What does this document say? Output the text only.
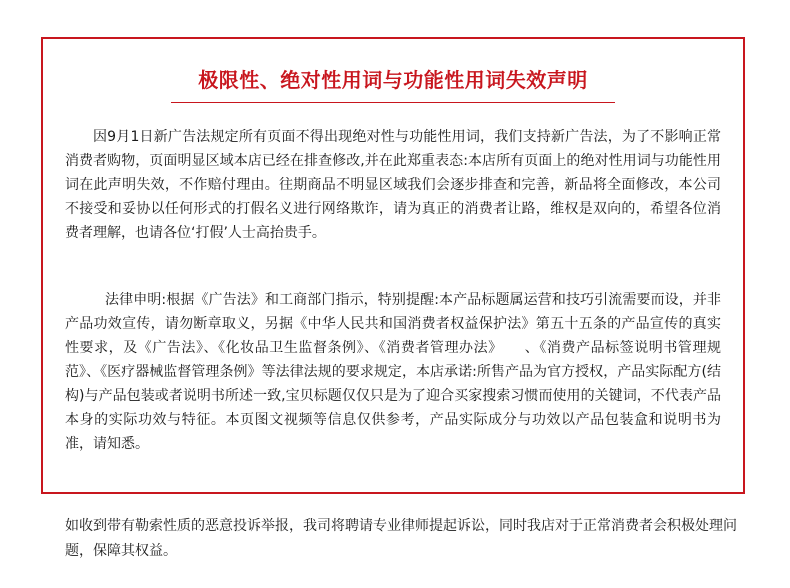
极限性、绝对性用词与功能性用词失效声明

因9月1日新广告法规定所有页面不得出现绝对性与功能性用词，我们支持新广告法，为了不影响正常消费者购物，页面明显区域本店已经在排查修改,并在此郑重表态:本店所有页面上的绝对性用词与功能性用词在此声明失效，不作赔付理由。往期商品不明显区域我们会逐步排查和完善，新品将全面修改，本公司不接受和妥协以任何形式的打假名义进行网络欺诈，请为真正的消费者让路，维权是双向的，希望各位消费者理解，也请各位‘打假’人士高抬贵手。

法律申明:根据《广告法》和工商部门指示，特别提醒:本产品标题属运营和技巧引流需要而设，并非产品功效宣传，请勿断章取义，另据《中华人民共和国消费者权益保护法》第五十五条的产品宣传的真实性要求，及《广告法》、《化妆品卫生监督条例》、《消费者管理办法》　　、《消费产品标签说明书管理规范》、《医疗器械监督管理条例》等法律法规的要求规定，本店承诺:所售产品为官方授权，产品实际配方(结构)与产品包装或者说明书所述一致,宝贝标题仅仅只是为了迎合买家搜索习惯而使用的关键词，不代表产品本身的实际功效与特征。本页图文视频等信息仅供参考，产品实际成分与功效以产品包装盒和说明书为准，请知悉。

如收到带有勒索性质的恶意投诉举报，我司将聘请专业律师提起诉讼，同时我店对于正常消费者会积极处理问题，保障其权益。
